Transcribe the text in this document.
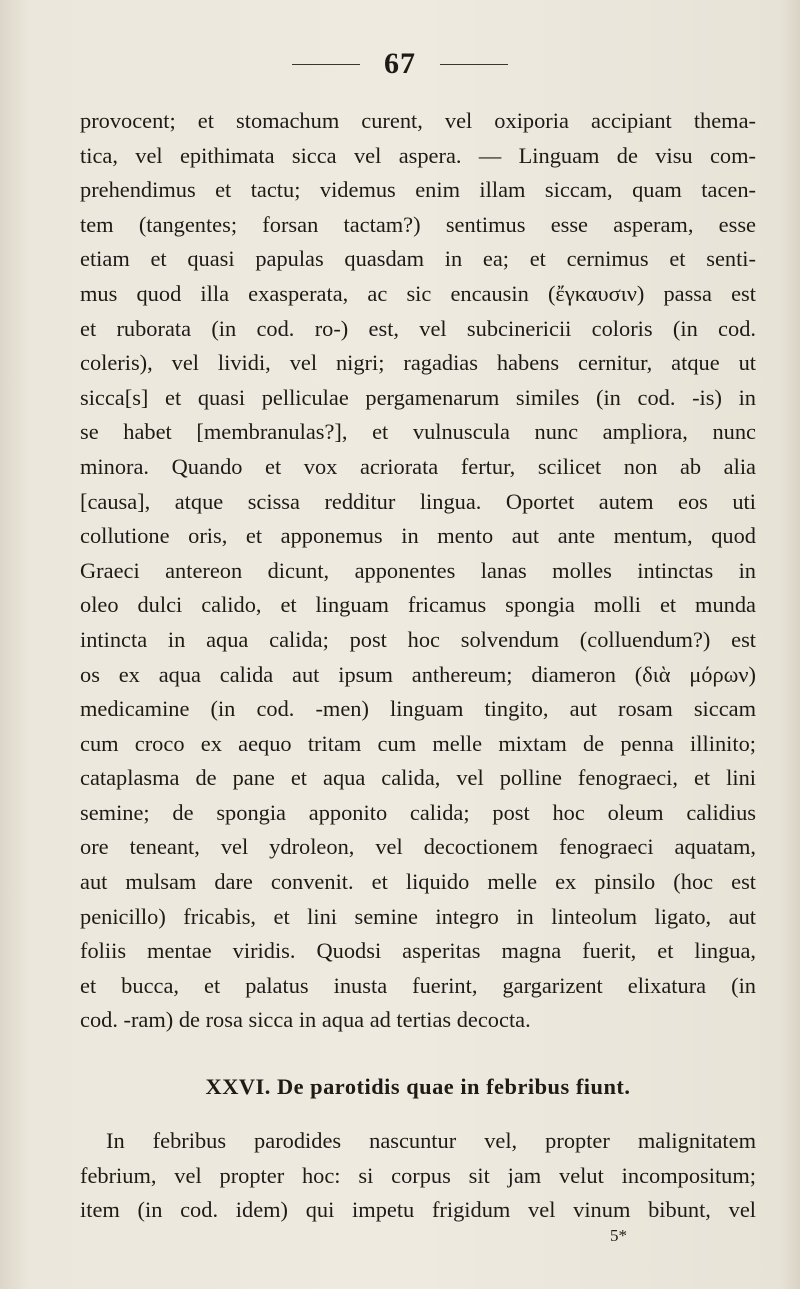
67
provocent; et stomachum curent, vel oxiporia accipiant thema-
tica, vel epithimata sicca vel aspera. — Linguam de visu com-
prehendimus et tactu; videmus enim illam siccam, quam tacen-
tem (tangentes; forsan tactam?) sentimus esse asperam, esse
etiam et quasi papulas quasdam in ea; et cernimus et senti-
mus quod illa exasperata, ac sic encausin (ἔγκαυσιν) passa est
et ruborata (in cod. ro-) est, vel subcinericii coloris (in cod.
coleris), vel lividi, vel nigri; ragadias habens cernitur, atque ut
sicca[s] et quasi pelliculae pergamenarum similes (in cod. -is) in
se habet [membranulas?], et vulnuscula nunc ampliora, nunc
minora. Quando et vox acriorata fertur, scilicet non ab alia
[causa], atque scissa redditur lingua. Oportet autem eos uti
collutione oris, et apponemus in mento aut ante mentum, quod
Graeci antereon dicunt, apponentes lanas molles intinctas in
oleo dulci calido, et linguam fricamus spongia molli et munda
intincta in aqua calida; post hoc solvendum (colluendum?) est
os ex aqua calida aut ipsum anthereum; diameron (διὰ μόρων)
medicamine (in cod. -men) linguam tingito, aut rosam siccam
cum croco ex aequo tritam cum melle mixtam de penna illinito;
cataplasma de pane et aqua calida, vel polline fenograeci, et lini
semine; de spongia apponito calida; post hoc oleum calidius
ore teneant, vel ydroleon, vel decoctionem fenograeci aquatam,
aut mulsam dare convenit. et liquido melle ex pinsilo (hoc est
penicillo) fricabis, et lini semine integro in linteolum ligato, aut
foliis mentae viridis. Quodsi asperitas magna fuerit, et lingua,
et bucca, et palatus inusta fuerint, gargarizent elixatura (in
cod. -ram) de rosa sicca in aqua ad tertias decocta.
XXVI. De parotidis quae in febribus fiunt.
In febribus parodides nascuntur vel, propter malignitatem
febrium, vel propter hoc: si corpus sit jam velut incompositum;
item (in cod. idem) qui impetu frigidum vel vinum bibunt, vel
5*
